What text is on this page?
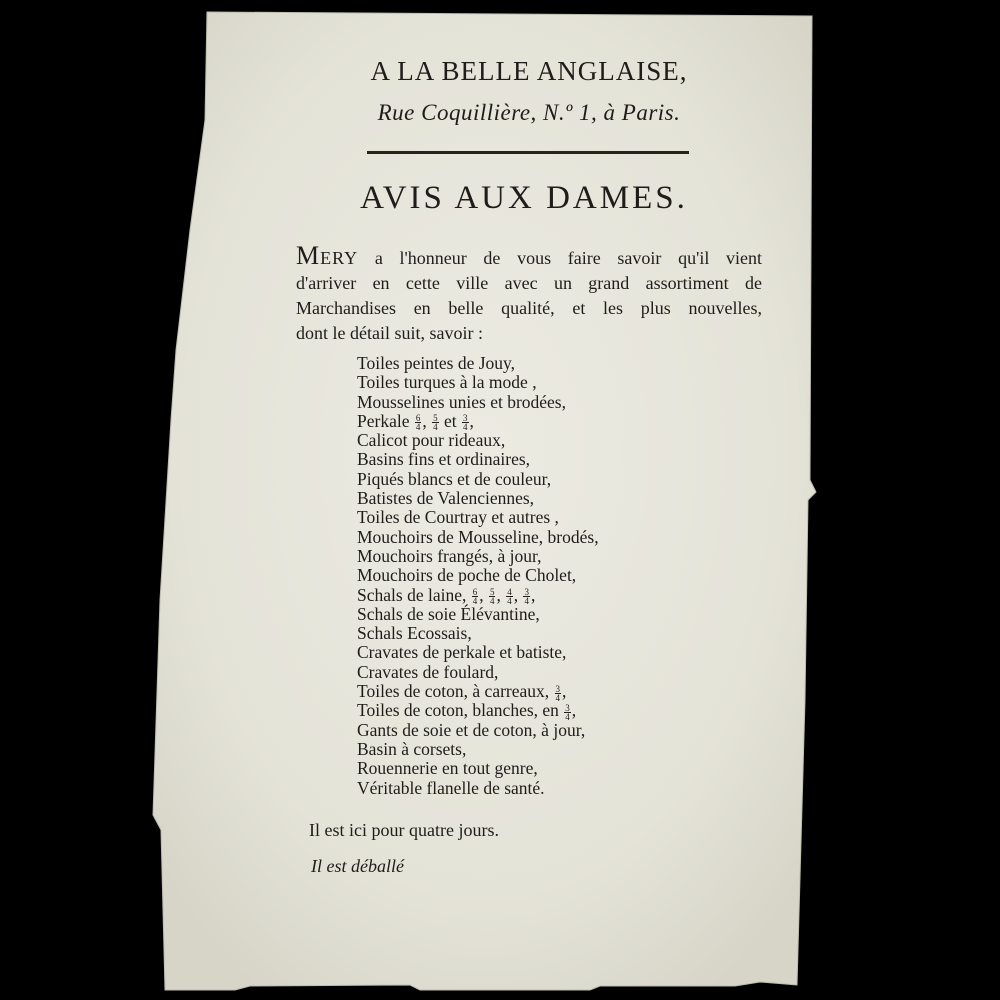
A LA BELLE ANGLAISE,
Rue Coquillière, N.º 1, à Paris.
AVIS AUX DAMES.
MERY a l'honneur de vous faire savoir qu'il vient
d'arriver en cette ville avec un grand assortiment de
Marchandises en belle qualité, et les plus nouvelles,
dont le détail suit, savoir :
Toiles peintes de Jouy,
Toiles turques à la mode ,
Mousselines unies et brodées,
Perkale $\frac{6}{4}$ , $\frac{5}{4}$ et $\frac{3}{4}$ ,
Calicot pour rideaux,
Basins fins et ordinaires,
Piqués blancs et de couleur,
Batistes de Valenciennes,
Toiles de Courtray et autres ,
Mouchoirs de Mousseline, brodés,
Mouchoirs frangés, à jour,
Mouchoirs de poche de Cholet,
Schals de laine, $\frac{6}{4}$ , $\frac{5}{4}$ , $\frac{4}{4}$ , $\frac{3}{4}$ ,
Schals de soie Élévantine,
Schals Ecossais,
Cravates de perkale et batiste,
Cravates de foulard,
Toiles de coton, à carreaux, $\frac{3}{4}$ ,
Toiles de coton, blanches, en $\frac{3}{4}$ ,
Gants de soie et de coton, à jour,
Basin à corsets,
Rouennerie en tout genre,
Véritable flanelle de santé.
Il est ici pour quatre jours.
Il est déballé
